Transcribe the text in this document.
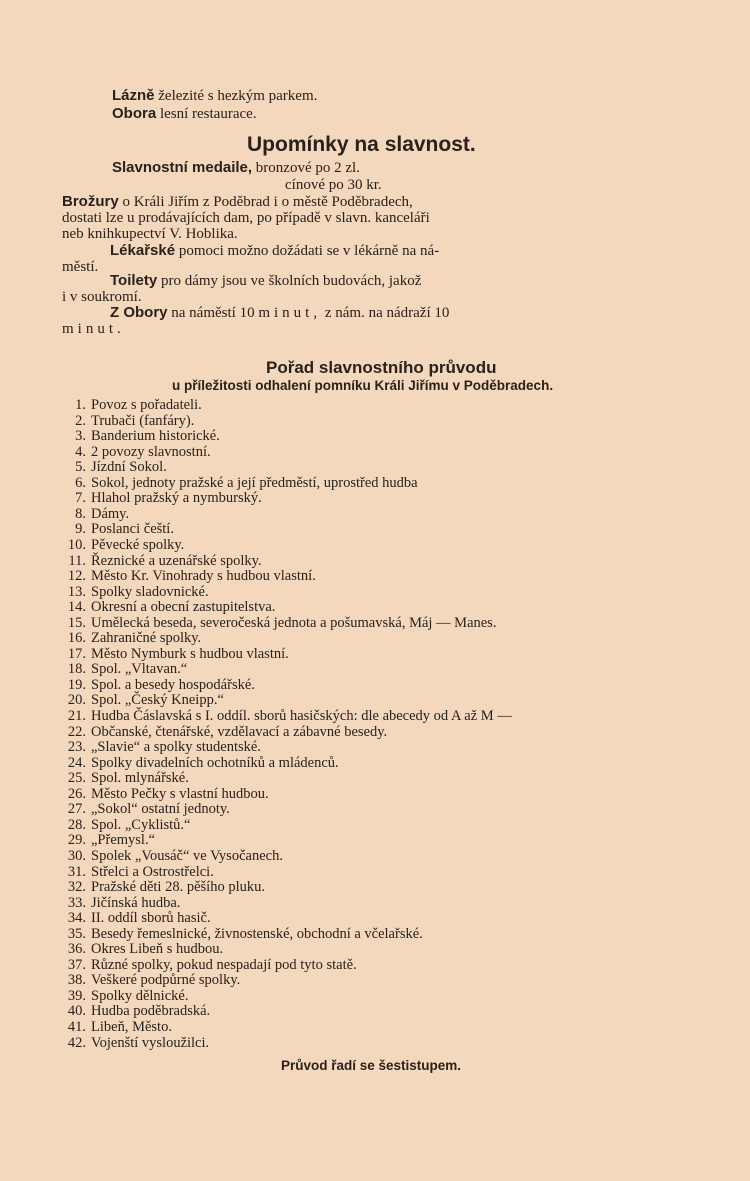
Lázně železité s hezkým parkem.
Obora lesní restaurace.
Upomínky na slavnost.
Slavnostní medaile, bronzové po 2 zl.
cínové po 30 kr.
Brožury o Králi Jiřím z Poděbrad i o městě Poděbradech,
dostati lze u prodávajících dam, po případě v slavn. kanceláři
neb knihkupectví V. Hoblika.
Lékařské pomoci možno dožádati se v lékárně na ná-
městí.
Toilety pro dámy jsou ve školních budovách, jakož
i v soukromí.
Z Obory na náměstí 10 minut, z nám. na nádraží 10
minut.
Pořad slavnostního průvodu
u příležitosti odhalení pomníku Králi Jiřímu v Poděbradech.
1. Povoz s pořadateli.
2. Trubači (fanfáry).
3. Banderium historické.
4. 2 povozy slavnostní.
5. Jízdní Sokol.
6. Sokol, jednoty pražské a její předměstí, uprostřed hudba
7. Hlahol pražský a nymburský.
8. Dámy.
9. Poslanci čeští.
10. Pěvecké spolky.
11. Řeznické a uzenářské spolky.
12. Město Kr. Vinohrady s hudbou vlastní.
13. Spolky sladovnické.
14. Okresní a obecní zastupitelstva.
15. Umělecká beseda, severočeská jednota a pošumavská, Máj — Manes.
16. Zahraničné spolky.
17. Město Nymburk s hudbou vlastní.
18. Spol. „Vltavan.“
19. Spol. a besedy hospodářské.
20. Spol. „Český Kneipp.“
21. Hudba Čáslavská s I. oddíl. sborů hasičských: dle abecedy od A až M —
22. Občanské, čtenářské, vzdělavací a zábavné besedy.
23. „Slavie“ a spolky studentské.
24. Spolky divadelních ochotníků a mládenců.
25. Spol. mlynářské.
26. Město Pečky s vlastní hudbou.
27. „Sokol“ ostatní jednoty.
28. Spol. „Cyklistů.“
29. „Přemysl.“
30. Spolek „Vousáč“ ve Vysočanech.
31. Střelci a Ostrostřelci.
32. Pražské děti 28. pěšího pluku.
33. Jičínská hudba.
34. II. oddíl sborů hasič.
35. Besedy řemeslnické, živnostenské, obchodní a včelařské.
36. Okres Libeň s hudbou.
37. Různé spolky, pokud nespadají pod tyto statě.
38. Veškeré podpůrné spolky.
39. Spolky dělnické.
40. Hudba poděbradská.
41. Libeň, Město.
42. Vojenští vysloužilci.
Průvod řadí se šestistupem.
